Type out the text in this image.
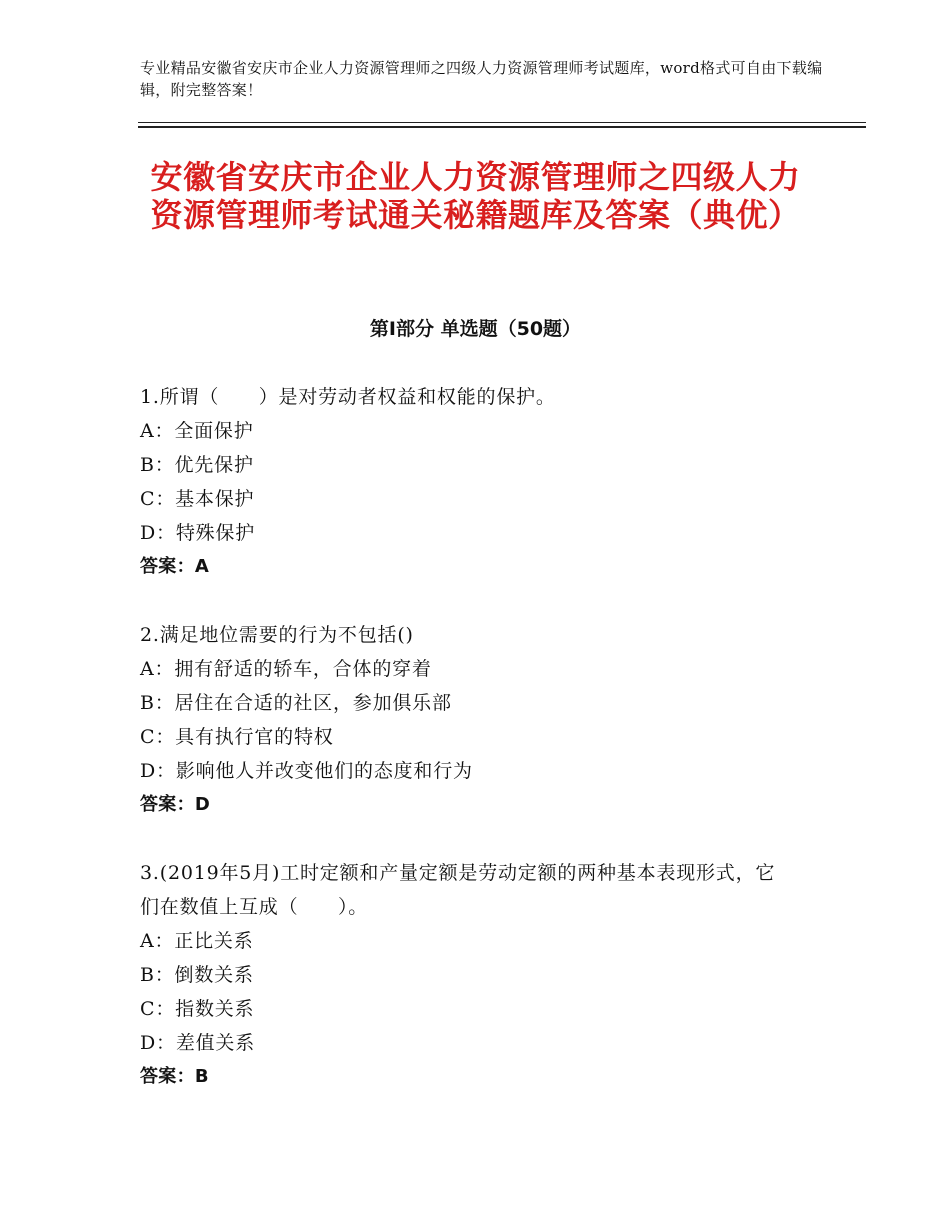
专业精品安徽省安庆市企业人力资源管理师之四级人力资源管理师考试题库，word格式可自由下载编辑，附完整答案！
安徽省安庆市企业人力资源管理师之四级人力资源管理师考试通关秘籍题库及答案（典优）
第Ⅰ部分 单选题（50题）
1.所谓（　　）是对劳动者权益和权能的保护。
A：全面保护
B：优先保护
C：基本保护
D：特殊保护
答案：A
2.满足地位需要的行为不包括()
A：拥有舒适的轿车，合体的穿着
B：居住在合适的社区，参加俱乐部
C：具有执行官的特权
D：影响他人并改变他们的态度和行为
答案：D
3.(2019年5月)工时定额和产量定额是劳动定额的两种基本表现形式，它们在数值上互成（　　）。
A：正比关系
B：倒数关系
C：指数关系
D：差值关系
答案：B
